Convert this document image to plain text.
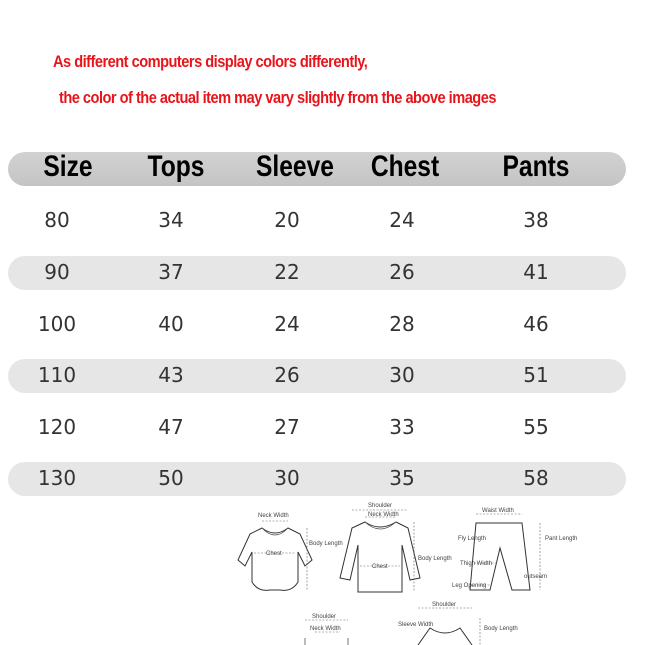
As different computers display colors differently,
the color of the actual item may vary slightly from the above images
Size	Tops	Sleeve	Chest	Pants
80	34	20	24	38
90	37	22	26	41
100	40	24	28	46
110	43	26	30	51
120	47	27	33	55
130	50	30	35	58
Neck Width
Body Length
Chest
Shoulder
Neck Width
Body Length
Chest
Waist Width
Fly Length	Pant Length
Thigh Width
outseam
Leg Opening
Shoulder
Neck Width
Shoulder
Sleeve Width
Body Length
